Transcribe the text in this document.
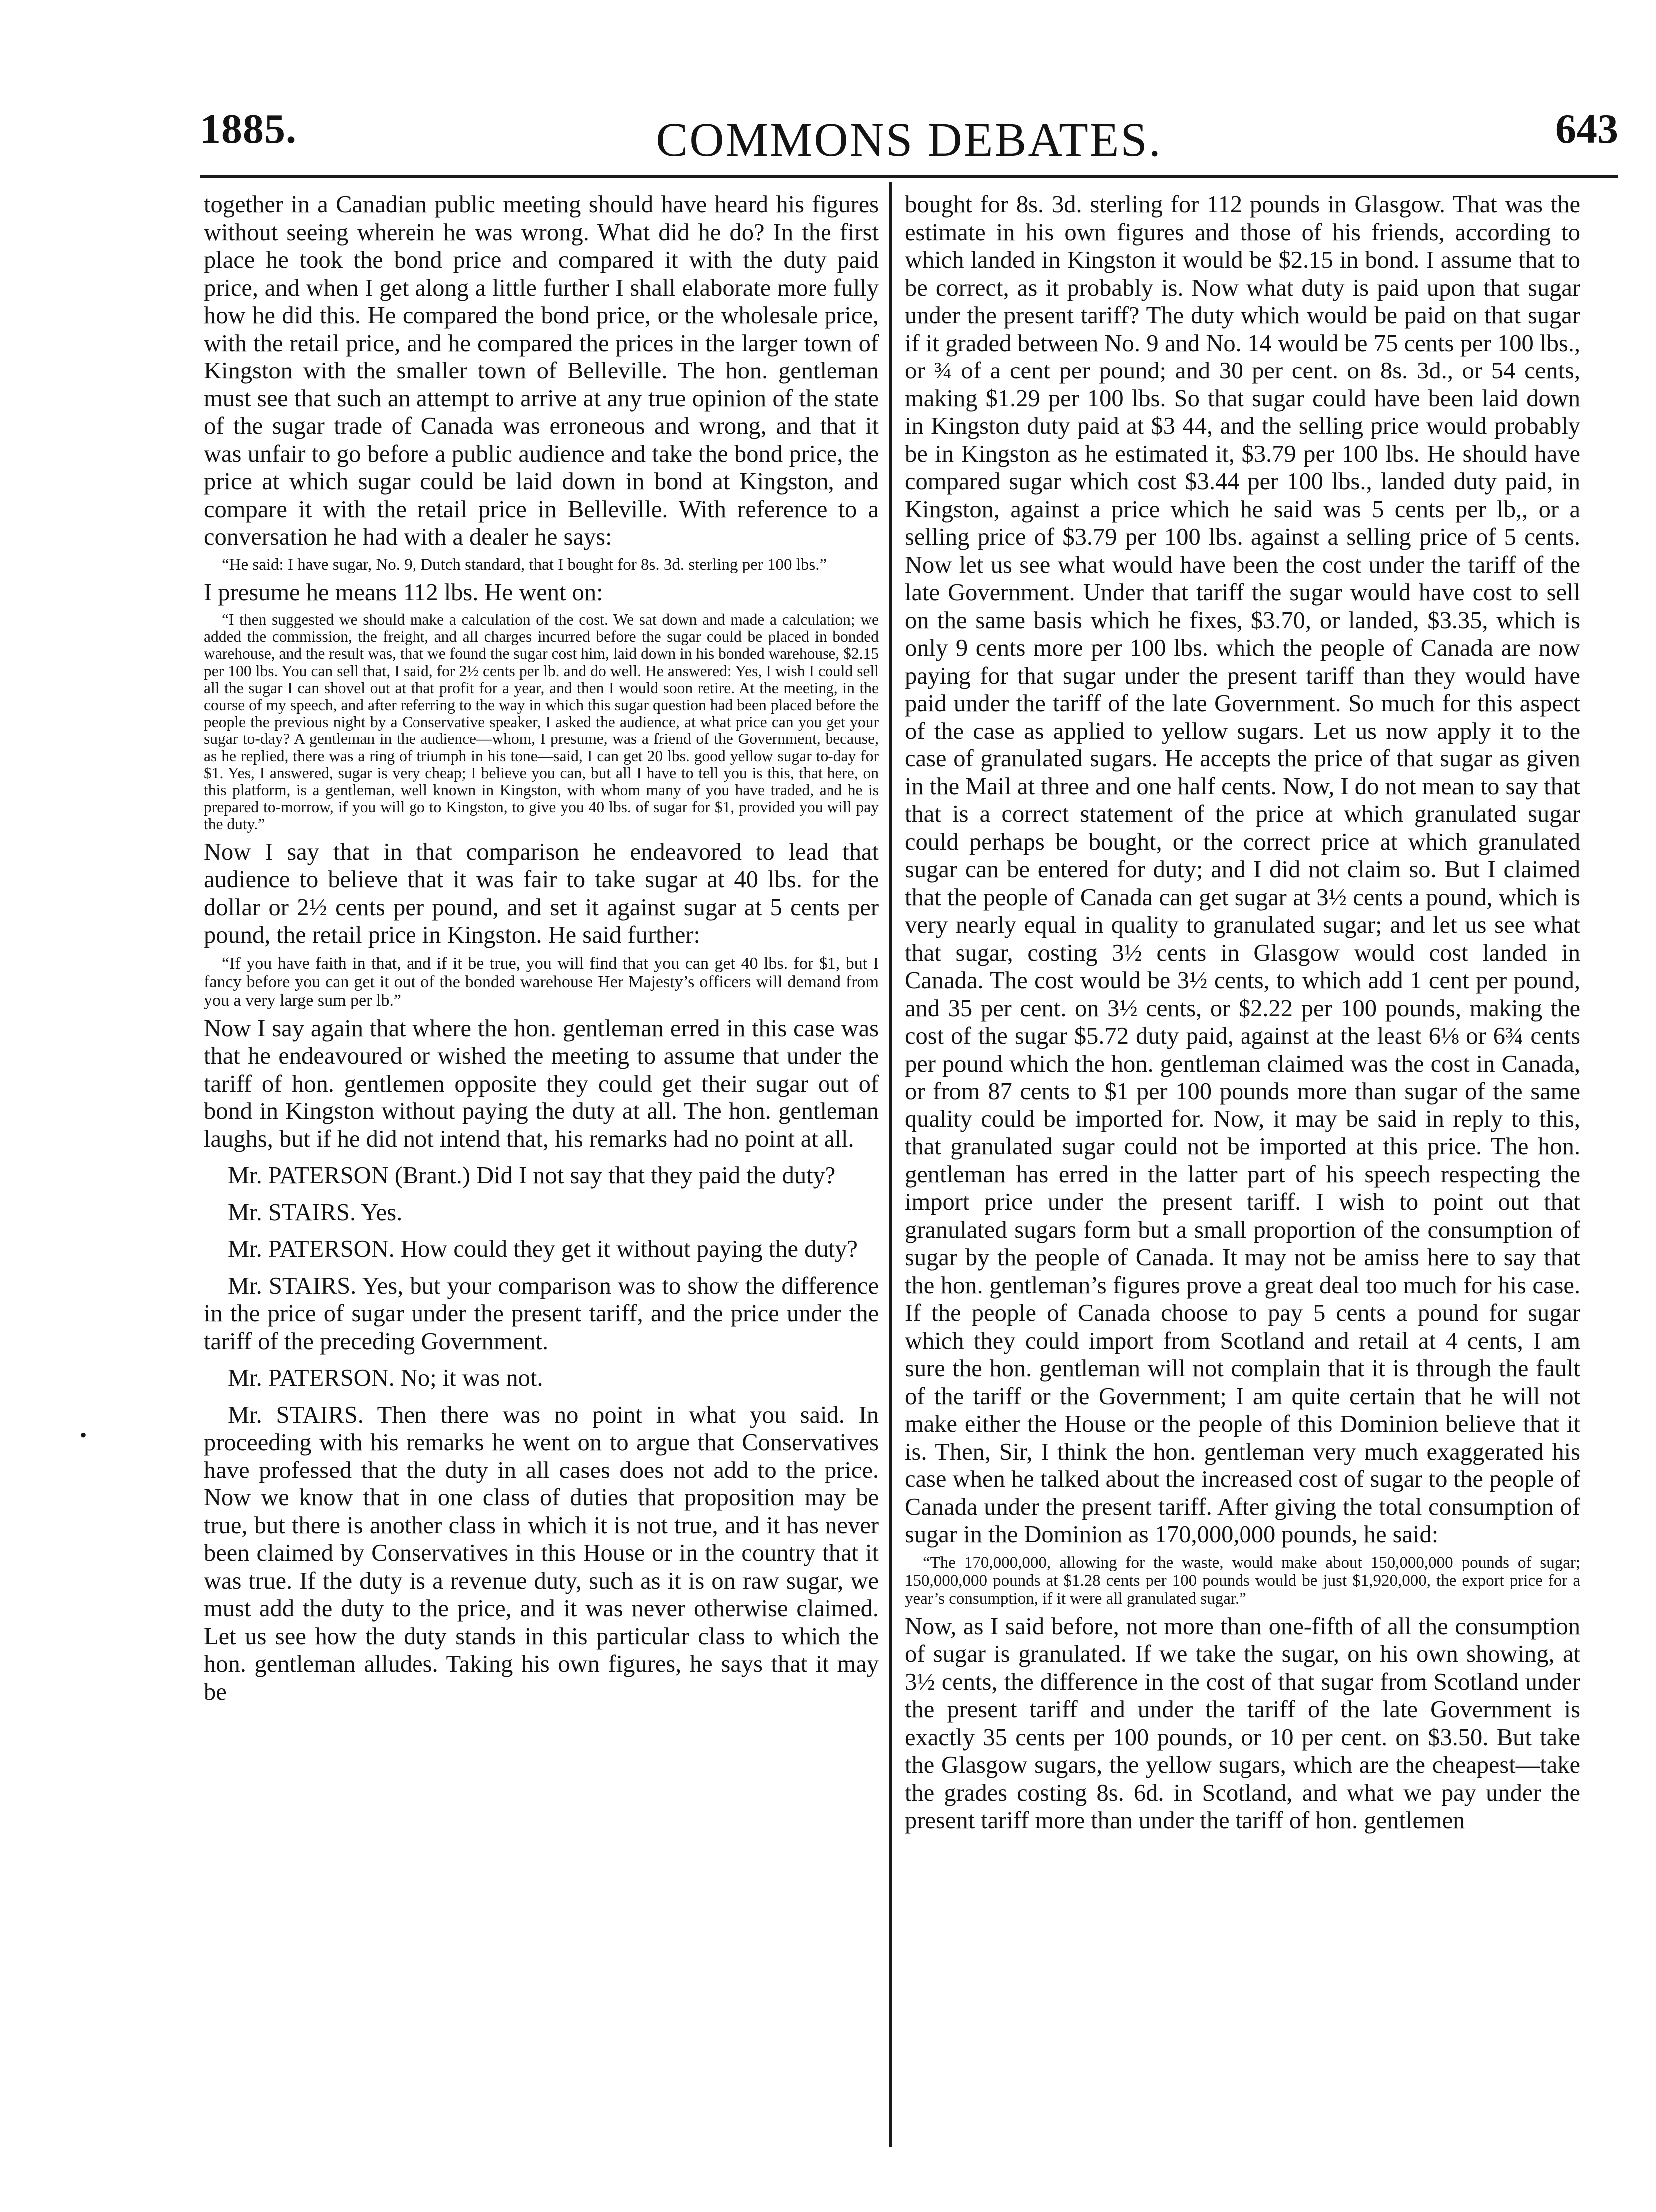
1885.	COMMONS DEBATES.	643
•

together in a Canadian public meeting should have heard his figures without seeing wherein he was wrong. What did he do? In the first place he took the bond price and compared it with the duty paid price, and when I get along a little further I shall elaborate more fully how he did this. He compared the bond price, or the wholesale price, with the retail price, and he compared the prices in the larger town of Kingston with the smaller town of Belleville. The hon. gentleman must see that such an attempt to arrive at any true opinion of the state of the sugar trade of Canada was erroneous and wrong, and that it was unfair to go before a public audience and take the bond price, the price at which sugar could be laid down in bond at Kingston, and compare it with the retail price in Belleville. With reference to a conversation he had with a dealer he says:

“He said: I have sugar, No. 9, Dutch standard, that I bought for 8s. 3d. sterling per 100 lbs.”

I presume he means 112 lbs. He went on:

“I then suggested we should make a calculation of the cost. We sat down and made a calculation; we added the commission, the freight, and all charges incurred before the sugar could be placed in bonded warehouse, and the result was, that we found the sugar cost him, laid down in his bonded warehouse, $2.15 per 100 lbs. You can sell that, I said, for 2½ cents per lb. and do well. He answered: Yes, I wish I could sell all the sugar I can shovel out at that profit for a year, and then I would soon retire. At the meeting, in the course of my speech, and after referring to the way in which this sugar question had been placed before the people the previous night by a Conservative speaker, I asked the audience, at what price can you get your sugar to-day? A gentleman in the audience—whom, I presume, was a friend of the Government, because, as he replied, there was a ring of triumph in his tone—said, I can get 20 lbs. good yellow sugar to-day for $1. Yes, I answered, sugar is very cheap; I believe you can, but all I have to tell you is this, that here, on this platform, is a gentleman, well known in Kingston, with whom many of you have traded, and he is prepared to-morrow, if you will go to Kingston, to give you 40 lbs. of sugar for $1, provided you will pay the duty.”

Now I say that in that comparison he endeavored to lead that audience to believe that it was fair to take sugar at 40 lbs. for the dollar or 2½ cents per pound, and set it against sugar at 5 cents per pound, the retail price in Kingston. He said further:

“If you have faith in that, and if it be true, you will find that you can get 40 lbs. for $1, but I fancy before you can get it out of the bonded warehouse Her Majesty’s officers will demand from you a very large sum per lb.”

Now I say again that where the hon. gentleman erred in this case was that he endeavoured or wished the meeting to assume that under the tariff of hon. gentlemen opposite they could get their sugar out of bond in Kingston without paying the duty at all. The hon. gentleman laughs, but if he did not intend that, his remarks had no point at all.

Mr. PATERSON (Brant.) Did I not say that they paid the duty?

Mr. STAIRS. Yes.

Mr. PATERSON. How could they get it without paying the duty?

Mr. STAIRS. Yes, but your comparison was to show the difference in the price of sugar under the present tariff, and the price under the tariff of the preceding Government.

Mr. PATERSON. No; it was not.

Mr. STAIRS. Then there was no point in what you said. In proceeding with his remarks he went on to argue that Conservatives have professed that the duty in all cases does not add to the price. Now we know that in one class of duties that proposition may be true, but there is another class in which it is not true, and it has never been claimed by Conservatives in this House or in the country that it was true. If the duty is a revenue duty, such as it is on raw sugar, we must add the duty to the price, and it was never otherwise claimed. Let us see how the duty stands in this particular class to which the hon. gentleman alludes. Taking his own figures, he says that it may be

bought for 8s. 3d. sterling for 112 pounds in Glasgow. That was the estimate in his own figures and those of his friends, according to which landed in Kingston it would be $2.15 in bond. I assume that to be correct, as it probably is. Now what duty is paid upon that sugar under the present tariff? The duty which would be paid on that sugar if it graded between No. 9 and No. 14 would be 75 cents per 100 lbs., or ¾ of a cent per pound; and 30 per cent. on 8s. 3d., or 54 cents, making $1.29 per 100 lbs. So that sugar could have been laid down in Kingston duty paid at $3 44, and the selling price would probably be in Kingston as he estimated it, $3.79 per 100 lbs. He should have compared sugar which cost $3.44 per 100 lbs., landed duty paid, in Kingston, against a price which he said was 5 cents per lb,, or a selling price of $3.79 per 100 lbs. against a selling price of 5 cents. Now let us see what would have been the cost under the tariff of the late Government. Under that tariff the sugar would have cost to sell on the same basis which he fixes, $3.70, or landed, $3.35, which is only 9 cents more per 100 lbs. which the people of Canada are now paying for that sugar under the present tariff than they would have paid under the tariff of the late Government. So much for this aspect of the case as applied to yellow sugars. Let us now apply it to the case of granulated sugars. He accepts the price of that sugar as given in the Mail at three and one half cents. Now, I do not mean to say that that is a correct statement of the price at which granulated sugar could perhaps be bought, or the correct price at which granulated sugar can be entered for duty; and I did not claim so. But I claimed that the people of Canada can get sugar at 3½ cents a pound, which is very nearly equal in quality to granulated sugar; and let us see what that sugar, costing 3½ cents in Glasgow would cost landed in Canada. The cost would be 3½ cents, to which add 1 cent per pound, and 35 per cent. on 3½ cents, or $2.22 per 100 pounds, making the cost of the sugar $5.72 duty paid, against at the least 6⅛ or 6¾ cents per pound which the hon. gentleman claimed was the cost in Canada, or from 87 cents to $1 per 100 pounds more than sugar of the same quality could be imported for. Now, it may be said in reply to this, that granulated sugar could not be imported at this price. The hon. gentleman has erred in the latter part of his speech respecting the import price under the present tariff. I wish to point out that granulated sugars form but a small proportion of the consumption of sugar by the people of Canada. It may not be amiss here to say that the hon. gentleman’s figures prove a great deal too much for his case. If the people of Canada choose to pay 5 cents a pound for sugar which they could import from Scotland and retail at 4 cents, I am sure the hon. gentleman will not complain that it is through the fault of the tariff or the Government; I am quite certain that he will not make either the House or the people of this Dominion believe that it is. Then, Sir, I think the hon. gentleman very much exaggerated his case when he talked about the increased cost of sugar to the people of Canada under the present tariff. After giving the total consumption of sugar in the Dominion as 170,000,000 pounds, he said:

“The 170,000,000, allowing for the waste, would make about 150,000,000 pounds of sugar; 150,000,000 pounds at $1.28 cents per 100 pounds would be just $1,920,000, the export price for a year’s consumption, if it were all granulated sugar.”

Now, as I said before, not more than one-fifth of all the consumption of sugar is granulated. If we take the sugar, on his own showing, at 3½ cents, the difference in the cost of that sugar from Scotland under the present tariff and under the tariff of the late Government is exactly 35 cents per 100 pounds, or 10 per cent. on $3.50. But take the Glasgow sugars, the yellow sugars, which are the cheapest—take the grades costing 8s. 6d. in Scotland, and what we pay under the present tariff more than under the tariff of hon. gentlemen
